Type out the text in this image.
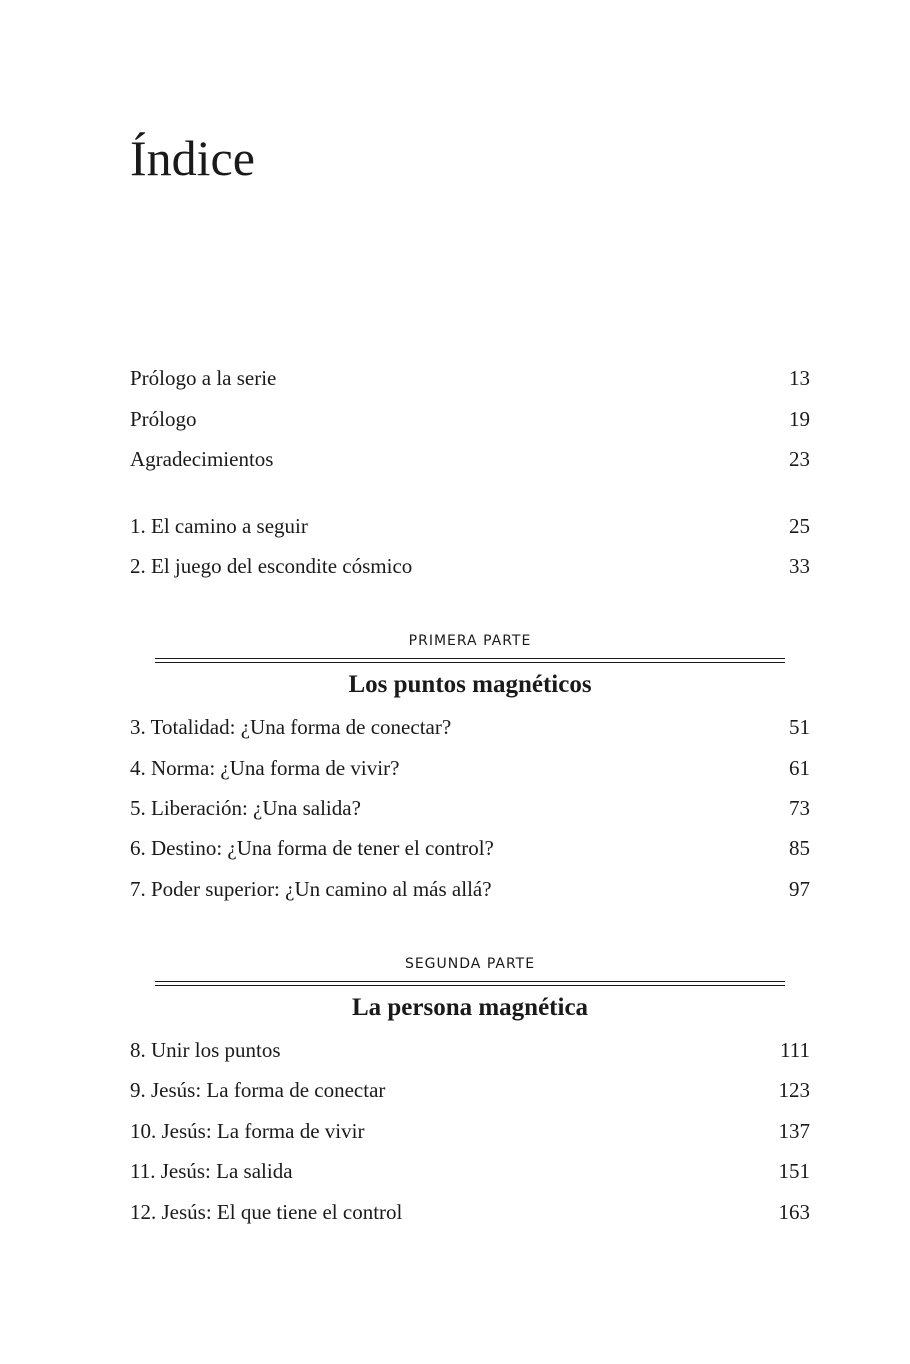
Índice
Prólogo a la serie	13
Prólogo	19
Agradecimientos	23
1. El camino a seguir	25
2. El juego del escondite cósmico	33
PRIMERA PARTE
Los puntos magnéticos
3. Totalidad: ¿Una forma de conectar?	51
4. Norma: ¿Una forma de vivir?	61
5. Liberación: ¿Una salida?	73
6. Destino: ¿Una forma de tener el control?	85
7. Poder superior: ¿Un camino al más allá?	97
SEGUNDA PARTE
La persona magnética
8. Unir los puntos	111
9. Jesús: La forma de conectar	123
10. Jesús: La forma de vivir	137
11. Jesús: La salida	151
12. Jesús: El que tiene el control	163
